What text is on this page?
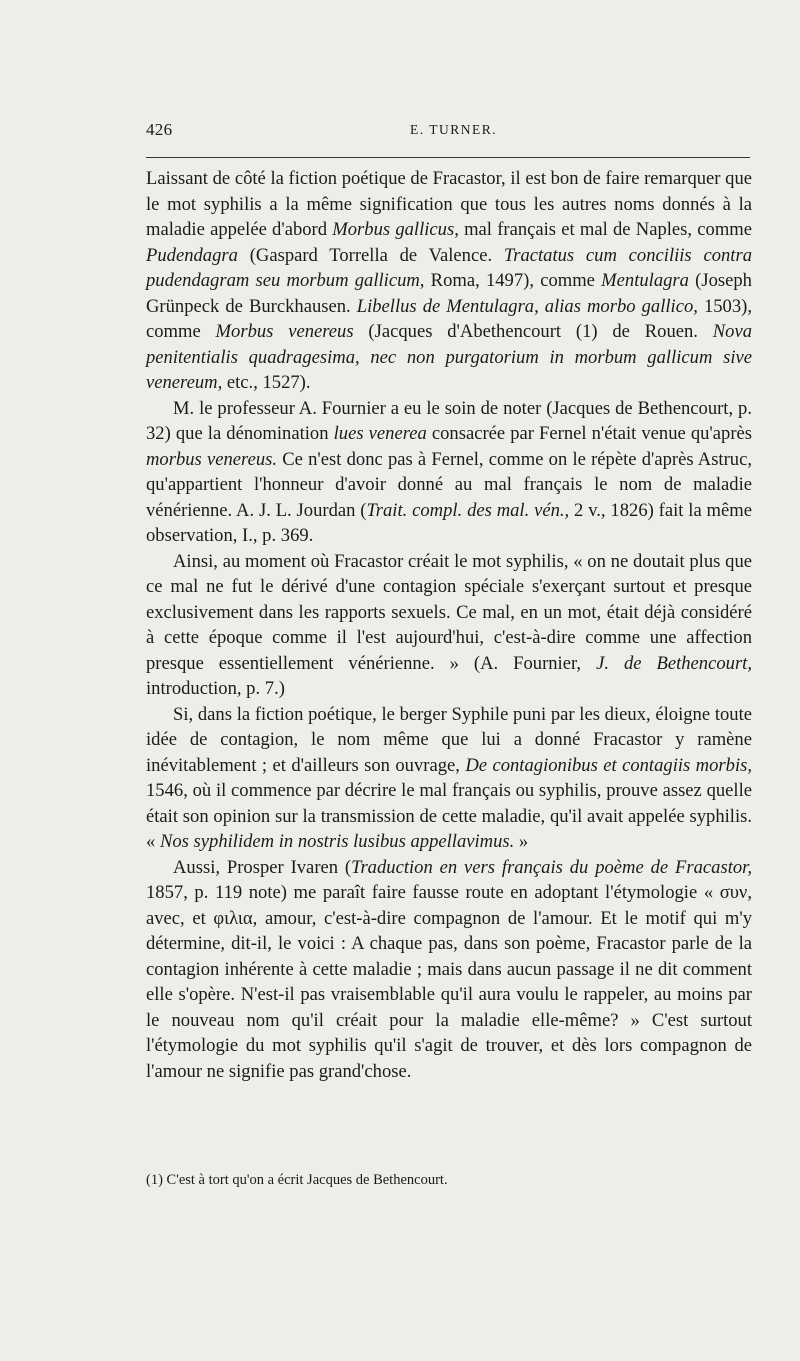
426	E. TURNER.

Laissant de côté la fiction poétique de Fracastor, il est bon de faire remarquer que le mot syphilis a la même signification que tous les autres noms donnés à la maladie appelée d'abord Morbus gallicus, mal français et mal de Naples, comme Pudendagra (Gaspard Torrella de Valence. Tractatus cum conciliis contra pudendagram seu morbum gallicum, Roma, 1497), comme Mentulagra (Joseph Grünpeck de Burckhausen. Libellus de Mentulagra, alias morbo gallico, 1503), comme Morbus venereus (Jacques d'Abethencourt (1) de Rouen. Nova penitentialis quadragesima, nec non purgatorium in morbum gallicum sive venereum, etc., 1527).

M. le professeur A. Fournier a eu le soin de noter (Jacques de Bethencourt, p. 32) que la dénomination lues venerea consacrée par Fernel n'était venue qu'après morbus venereus. Ce n'est donc pas à Fernel, comme on le répète d'après Astruc, qu'appartient l'honneur d'avoir donné au mal français le nom de maladie vénérienne. A. J. L. Jourdan (Trait. compl. des mal. vén., 2 v., 1826) fait la même observation, I., p. 369.

Ainsi, au moment où Fracastor créait le mot syphilis, « on ne doutait plus que ce mal ne fut le dérivé d'une contagion spéciale s'exerçant surtout et presque exclusivement dans les rapports sexuels. Ce mal, en un mot, était déjà considéré à cette époque comme il l'est aujourd'hui, c'est-à-dire comme une affection presque essentiellement vénérienne. » (A. Fournier, J. de Bethencourt, introduction, p. 7.)

Si, dans la fiction poétique, le berger Syphile puni par les dieux, éloigne toute idée de contagion, le nom même que lui a donné Fracastor y ramène inévitablement ; et d'ailleurs son ouvrage, De contagionibus et contagiis morbis, 1546, où il commence par décrire le mal français ou syphilis, prouve assez quelle était son opinion sur la transmission de cette maladie, qu'il avait appelée syphilis. « Nos syphilidem in nostris lusibus appellavimus. »

Aussi, Prosper Ivaren (Traduction en vers français du poème de Fracastor, 1857, p. 119 note) me paraît faire fausse route en adoptant l'étymologie « συν, avec, et φιλια, amour, c'est-à-dire compagnon de l'amour. Et le motif qui m'y détermine, dit-il, le voici : A chaque pas, dans son poème, Fracastor parle de la contagion inhérente à cette maladie ; mais dans aucun passage il ne dit comment elle s'opère. N'est-il pas vraisemblable qu'il aura voulu le rappeler, au moins par le nouveau nom qu'il créait pour la maladie elle-même? » C'est surtout l'étymologie du mot syphilis qu'il s'agit de trouver, et dès lors compagnon de l'amour ne signifie pas grand'chose.

(1) C'est à tort qu'on a écrit Jacques de Bethencourt.
